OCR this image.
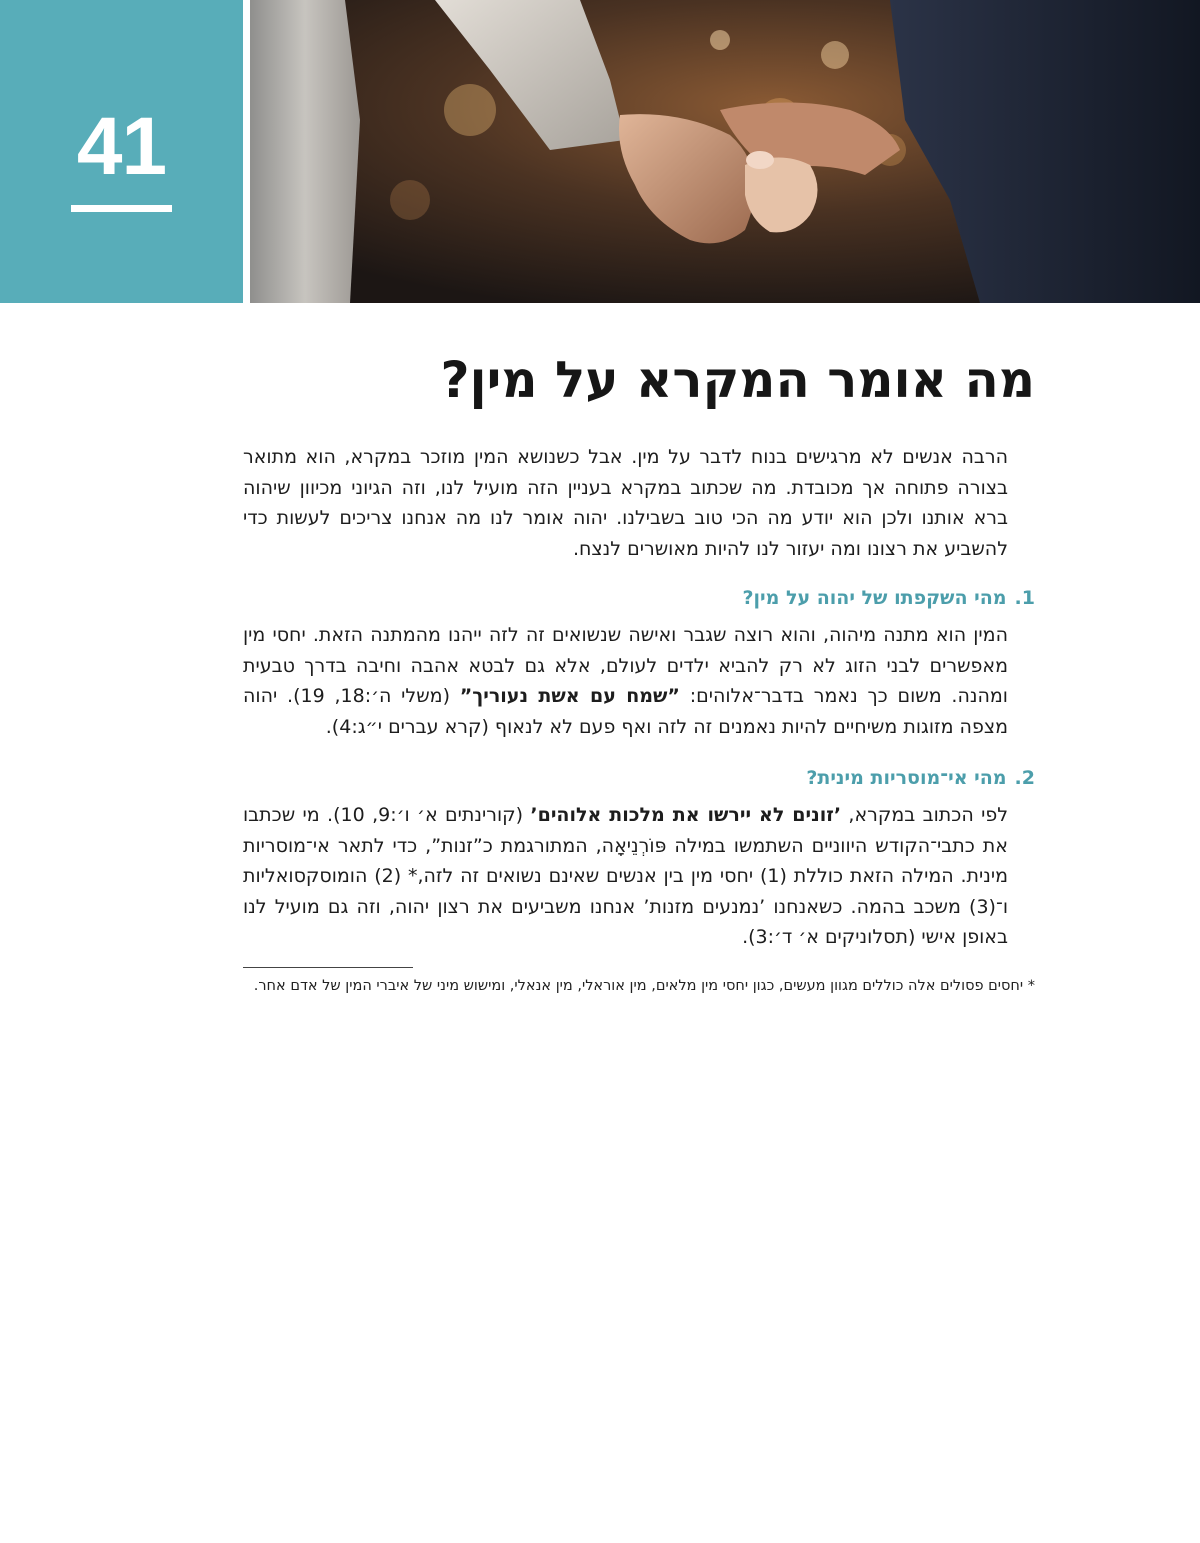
41
מה אומר המקרא על מין?

הרבה אנשים לא מרגישים בנוח לדבר על מין. אבל כשנושא המין מוזכר במקרא, הוא מתואר בצורה פתוחה אך מכובדת. מה שכתוב במקרא בעניין הזה מועיל לנו, וזה הגיוני מכיוון שיהוה ברא אותנו ולכן הוא יודע מה הכי טוב בשבילנו. יהוה אומר לנו מה אנחנו צריכים לעשות כדי להשביע את רצונו ומה יעזור לנו להיות מאושרים לנצח.

1.מהי השקפתו של יהוה על מין?

המין הוא מתנה מיהוה, והוא רוצה שגבר ואישה שנשואים זה לזה ייהנו מהמתנה הזאת. יחסי מין מאפשרים לבני הזוג לא רק להביא ילדים לעולם, אלא גם לבטא אהבה וחיבה בדרך טבעית ומהנה. משום כך נאמר בדבר־אלוהים: ”שמח עם אשת נעוריך” (משלי ה׳:18, 19). יהוה מצפה מזוגות משיחיים להיות נאמנים זה לזה ואף פעם לא לנאוף (קרא עברים י״ג:4).

2.מהי אי־מוסריות מינית?

לפי הכתוב במקרא, ’זונים לא יירשו את מלכות אלוהים’ (קורינתים א׳ ו׳:9, 10). מי שכתבו את כתבי־הקודש היווניים השתמשו במילה פּוֹרְנֵיאָה, המתורגמת כ”זנות”, כדי לתאר אי־מוסריות מינית. המילה הזאת כוללת (1) יחסי מין בין אנשים שאינם נשואים זה לזה,* (2) הומוסקסואליות ו־(3) משכב בהמה. כשאנחנו ’נמנעים מזנות’ אנחנו משביעים את רצון יהוה, וזה גם מועיל לנו באופן אישי (תסלוניקים א׳ ד׳:3).

* יחסים פסולים אלה כוללים מגוון מעשים, כגון יחסי מין מלאים, מין אוראלי, מין אנאלי, ומישוש מיני של איברי המין של אדם אחר.
